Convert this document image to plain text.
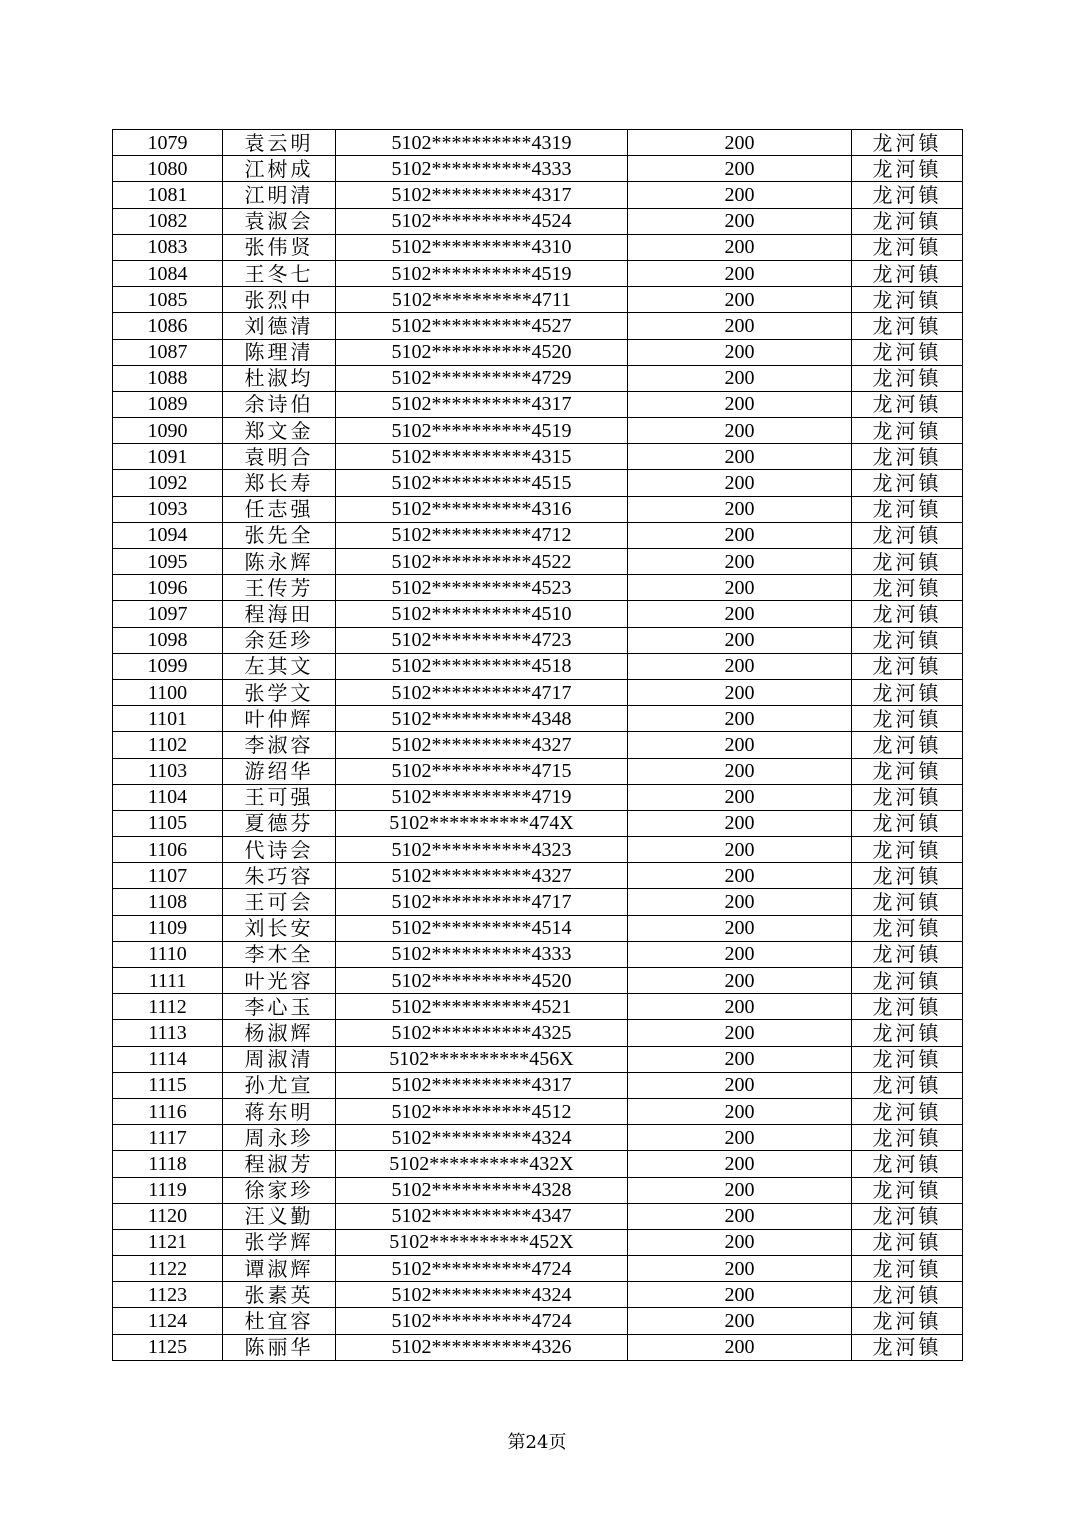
1079	袁云明	5102**********4319	200	龙河镇
1080	江树成	5102**********4333	200	龙河镇
1081	江明清	5102**********4317	200	龙河镇
1082	袁淑会	5102**********4524	200	龙河镇
1083	张伟贤	5102**********4310	200	龙河镇
1084	王冬七	5102**********4519	200	龙河镇
1085	张烈中	5102**********4711	200	龙河镇
1086	刘德清	5102**********4527	200	龙河镇
1087	陈理清	5102**********4520	200	龙河镇
1088	杜淑均	5102**********4729	200	龙河镇
1089	余诗伯	5102**********4317	200	龙河镇
1090	郑文金	5102**********4519	200	龙河镇
1091	袁明合	5102**********4315	200	龙河镇
1092	郑长寿	5102**********4515	200	龙河镇
1093	任志强	5102**********4316	200	龙河镇
1094	张先全	5102**********4712	200	龙河镇
1095	陈永辉	5102**********4522	200	龙河镇
1096	王传芳	5102**********4523	200	龙河镇
1097	程海田	5102**********4510	200	龙河镇
1098	余廷珍	5102**********4723	200	龙河镇
1099	左其文	5102**********4518	200	龙河镇
1100	张学文	5102**********4717	200	龙河镇
1101	叶仲辉	5102**********4348	200	龙河镇
1102	李淑容	5102**********4327	200	龙河镇
1103	游绍华	5102**********4715	200	龙河镇
1104	王可强	5102**********4719	200	龙河镇
1105	夏德芬	5102**********474X	200	龙河镇
1106	代诗会	5102**********4323	200	龙河镇
1107	朱巧容	5102**********4327	200	龙河镇
1108	王可会	5102**********4717	200	龙河镇
1109	刘长安	5102**********4514	200	龙河镇
1110	李木全	5102**********4333	200	龙河镇
1111	叶光容	5102**********4520	200	龙河镇
1112	李心玉	5102**********4521	200	龙河镇
1113	杨淑辉	5102**********4325	200	龙河镇
1114	周淑清	5102**********456X	200	龙河镇
1115	孙尤宣	5102**********4317	200	龙河镇
1116	蒋东明	5102**********4512	200	龙河镇
1117	周永珍	5102**********4324	200	龙河镇
1118	程淑芳	5102**********432X	200	龙河镇
1119	徐家珍	5102**********4328	200	龙河镇
1120	汪义勤	5102**********4347	200	龙河镇
1121	张学辉	5102**********452X	200	龙河镇
1122	谭淑辉	5102**********4724	200	龙河镇
1123	张素英	5102**********4324	200	龙河镇
1124	杜宜容	5102**********4724	200	龙河镇
1125	陈丽华	5102**********4326	200	龙河镇
第24页
